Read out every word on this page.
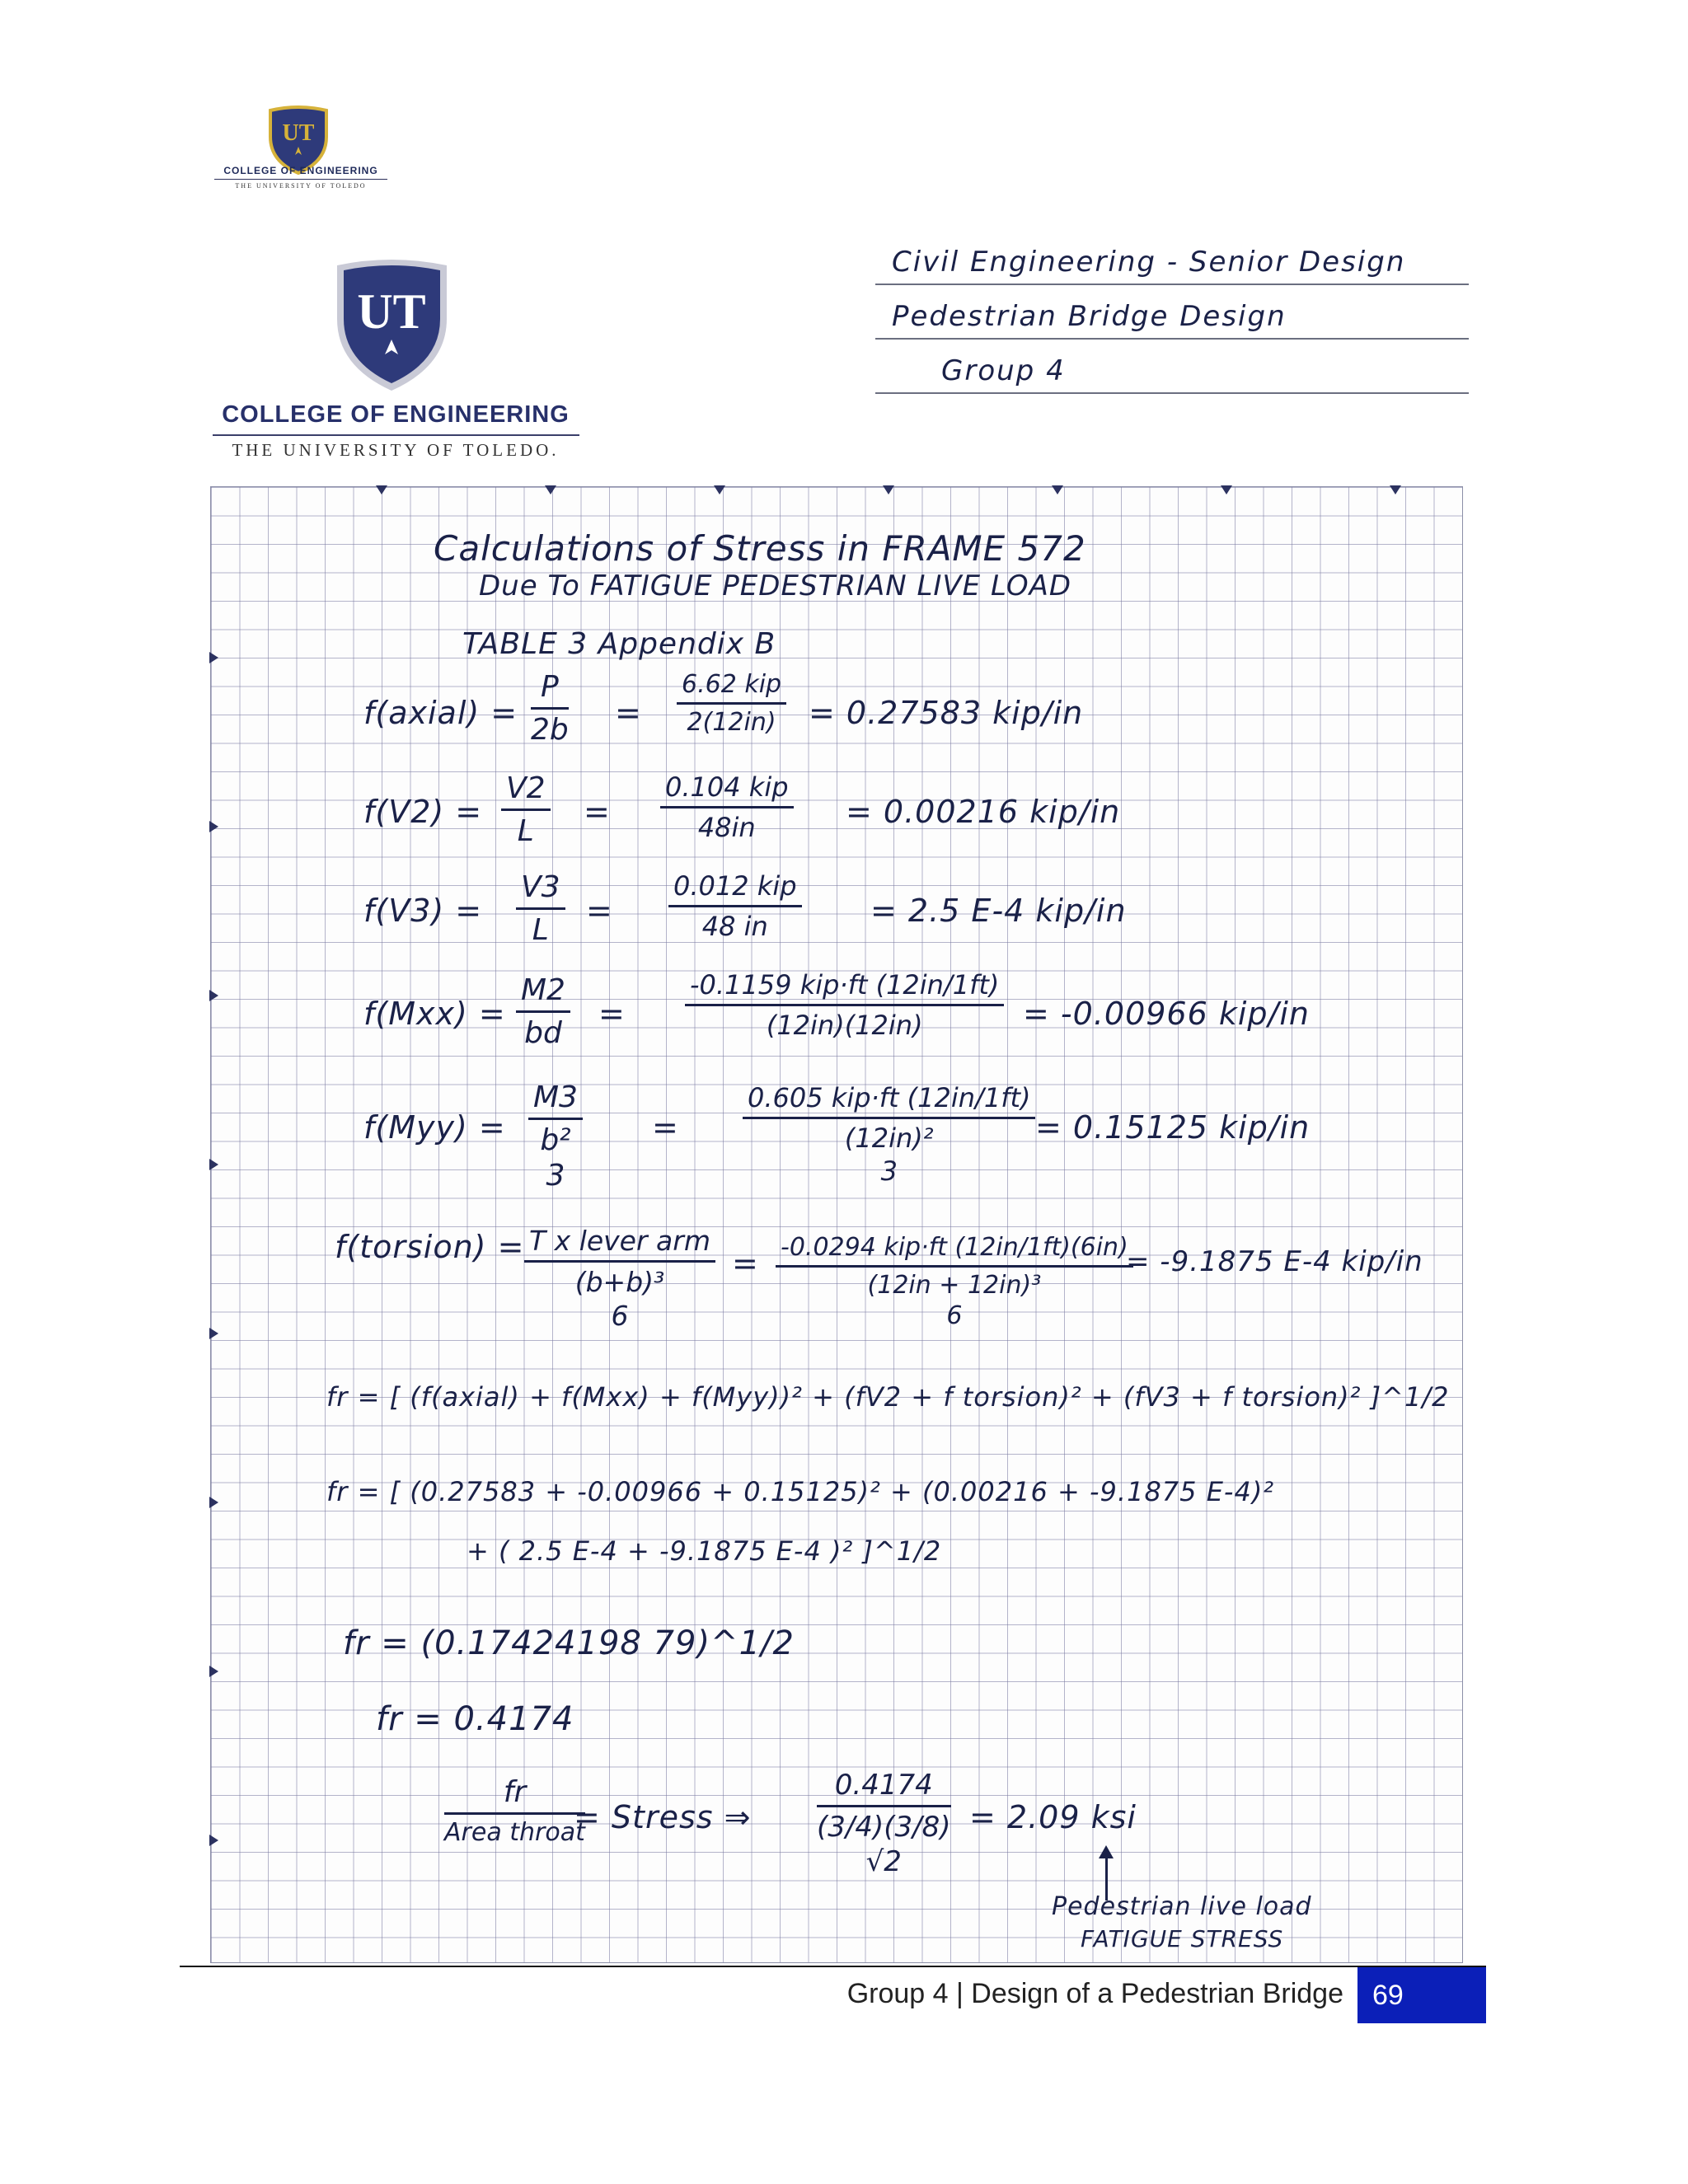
UT
COLLEGE OF ENGINEERING
THE UNIVERSITY OF TOLEDO
UT
COLLEGE OF ENGINEERING
THE UNIVERSITY OF TOLEDO.
Civil Engineering - Senior Design
Pedestrian Bridge Design
Group 4
Calculations of Stress in FRAME 572
Due To FATIGUE PEDESTRIAN LIVE LOAD
TABLE 3 Appendix B
f(axial) = $\frac{P}{2b}$ =
6.62 kip
2(12in)	= 0.27583 kip/in
$f(V2) = \frac{V2}{L}$ =
0.104 kip
48in	= 0.00216 kip/in
$f(V3) = \frac{V3}{L}$ =
0.012 kip
48 in	= 2.5 E-4 kip/in
$f(Mxx) = \frac{M2}{bd}$ =
-0.1159 kip·ft (12in/1ft)
(12in)(12in)	= -0.00966 kip/in
f(Myy) =
M3
b²
3
=
0.605 kip·ft (12in/1ft)
(12in)²
3
= 0.15125 kip/in
f(torsion) = T x lever arm
(b+b)³
6
= -0.0294 kip·ft (12in/1ft)(6in)
(12in + 12in)³
6
= -9.1875 E-4 kip/in
fr = [ (f(axial) + f(Mxx) + f(Myy))² + (fV2 + f torsion)² + (fV3 + f torsion)² ]^1/2
fr = [ (0.27583 + -0.00966 + 0.15125)² + (0.00216 + -9.1875 E-4)²
+ ( 2.5 E-4 + -9.1875 E-4 )² ]^1/2
fr = (0.17424198 79)^1/2
fr = 0.4174
fr
Area throat
= Stress ⇒
0.4174
(3/4)(3/8)
√2
= 2.09 ksi
Pedestrian live load
FATIGUE STRESS
Group 4 | Design of a Pedestrian Bridge	69
